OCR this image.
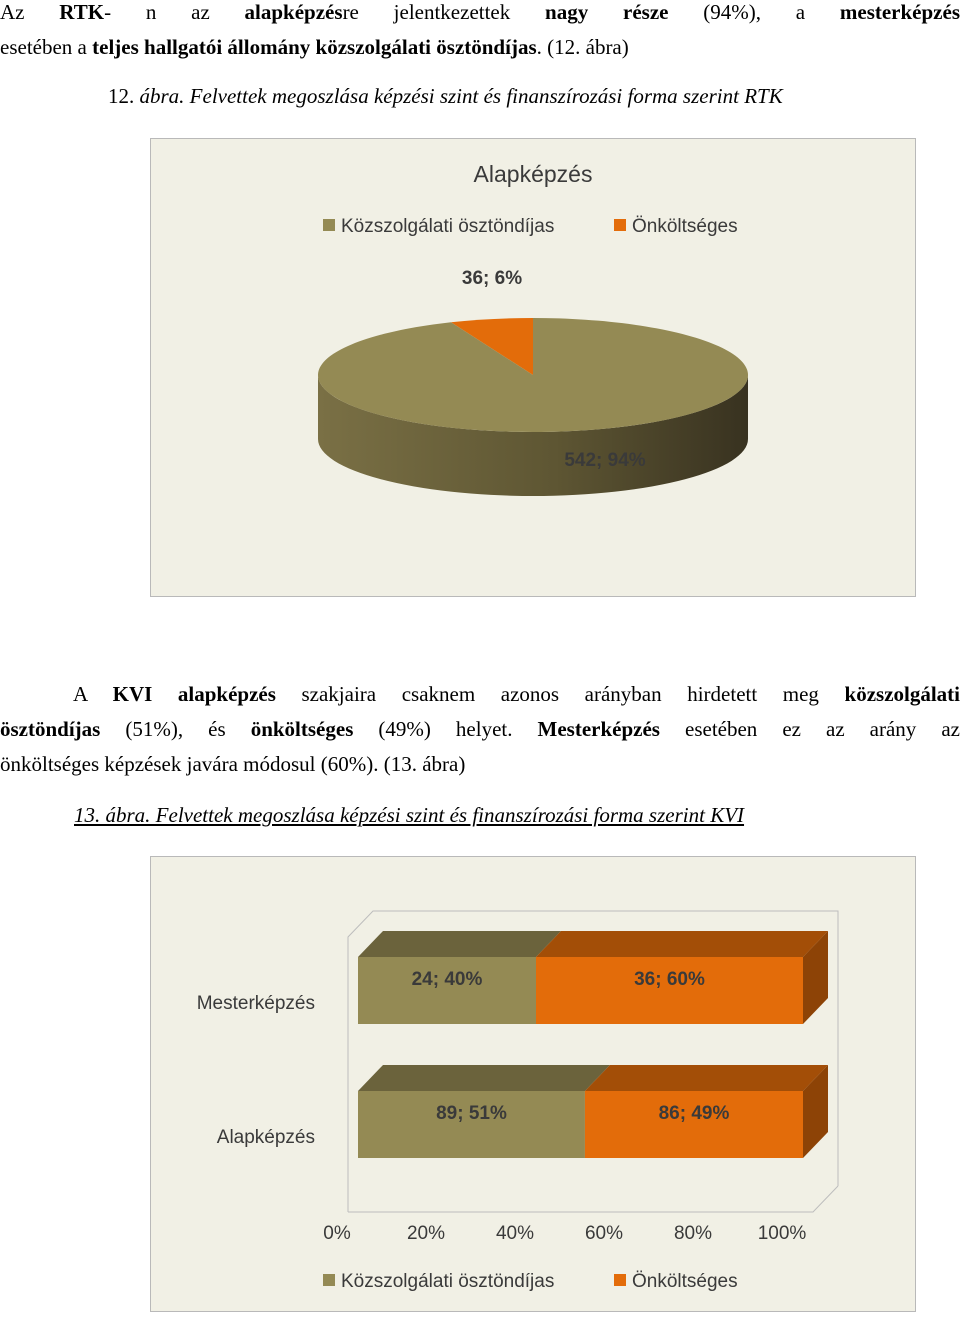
Az RTK- n az alapképzésre jelentkezettek nagy része (94%), a mesterképzés

esetében a teljes hallgatói állomány közszolgálati ösztöndíjas. (12. ábra)

12. ábra. Felvettek megoszlása képzési szint és finanszírozási forma szerint RTK
Alapképzés
Közszolgálati ösztöndíjas	Önköltséges
36; 6%
542; 94%

A KVI alapképzés szakjaira csaknem azonos arányban hirdetett meg közszolgálati

ösztöndíjas (51%), és önköltséges (49%) helyet. Mesterképzés esetében ez az arány az

önköltséges képzések javára módosul (60%). (13. ábra)

13. ábra. Felvettek megoszlása képzési szint és finanszírozási forma szerint KVI
24; 40%	36; 60%
Mesterképzés
89; 51%	86; 49%
Alapképzés
0%	20%	40%	60%	80% 100%
Közszolgálati ösztöndíjas	Önköltséges
